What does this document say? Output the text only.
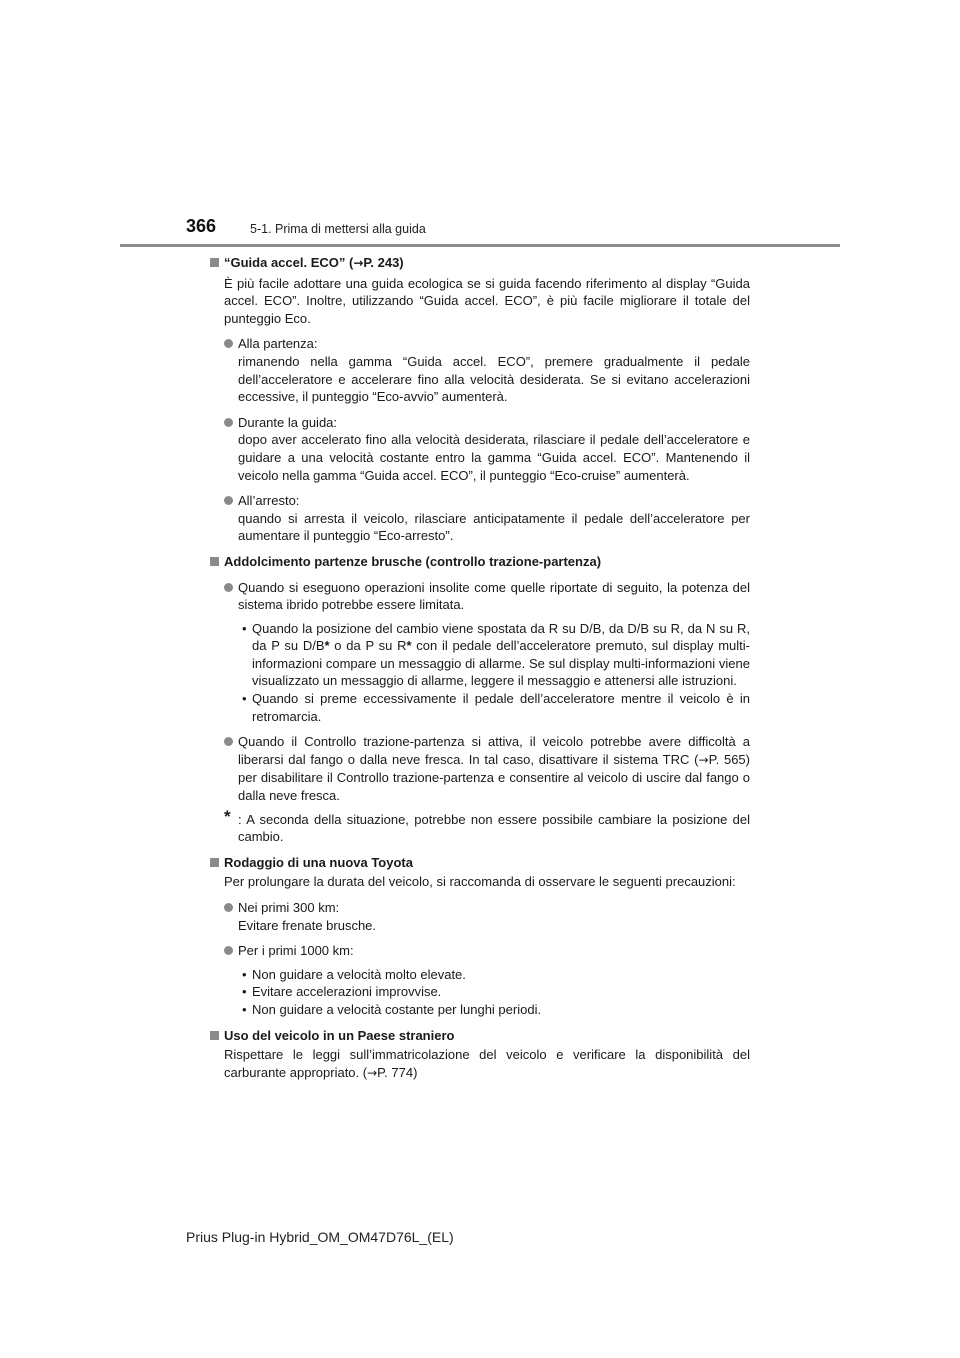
366	5-1. Prima di mettersi alla guida
“Guida accel. ECO” (→P. 243)
È più facile adottare una guida ecologica se si guida facendo riferimento al display “Guida accel. ECO”. Inoltre, utilizzando “Guida accel. ECO”, è più facile migliorare il totale del punteggio Eco.
Alla partenza:
rimanendo nella gamma “Guida accel. ECO”, premere gradualmente il pedale dell’acceleratore e accelerare fino alla velocità desiderata. Se si evitano accelerazioni eccessive, il punteggio “Eco-avvio” aumenterà.
Durante la guida:
dopo aver accelerato fino alla velocità desiderata, rilasciare il pedale dell’acceleratore e guidare a una velocità costante entro la gamma “Guida accel. ECO”. Mantenendo il veicolo nella gamma “Guida accel. ECO”, il punteggio “Eco-cruise” aumenterà.
All’arresto:
quando si arresta il veicolo, rilasciare anticipatamente il pedale dell’acceleratore per aumentare il punteggio “Eco-arresto”.
Addolcimento partenze brusche (controllo trazione-partenza)
Quando si eseguono operazioni insolite come quelle riportate di seguito, la potenza del sistema ibrido potrebbe essere limitata.
• Quando la posizione del cambio viene spostata da R su D/B, da D/B su R, da N su R, da P su D/B* o da P su R* con il pedale dell’acceleratore premuto, sul display multi-informazioni compare un messaggio di allarme. Se sul display multi-informazioni viene visualizzato un messaggio di allarme, leggere il messaggio e attenersi alle istruzioni.
• Quando si preme eccessivamente il pedale dell’acceleratore mentre il veicolo è in retromarcia.
Quando il Controllo trazione-partenza si attiva, il veicolo potrebbe avere difficoltà a liberarsi dal fango o dalla neve fresca. In tal caso, disattivare il sistema TRC (→P. 565) per disabilitare il Controllo trazione-partenza e consentire al veicolo di uscire dal fango o dalla neve fresca.
* : A seconda della situazione, potrebbe non essere possibile cambiare la posizione del cambio.
Rodaggio di una nuova Toyota
Per prolungare la durata del veicolo, si raccomanda di osservare le seguenti precauzioni:
Nei primi 300 km:
Evitare frenate brusche.
Per i primi 1000 km:
• Non guidare a velocità molto elevate.
• Evitare accelerazioni improvvise.
• Non guidare a velocità costante per lunghi periodi.
Uso del veicolo in un Paese straniero
Rispettare le leggi sull’immatricolazione del veicolo e verificare la disponibilità del carburante appropriato. (→P. 774)
Prius Plug-in Hybrid_OM_OM47D76L_(EL)
